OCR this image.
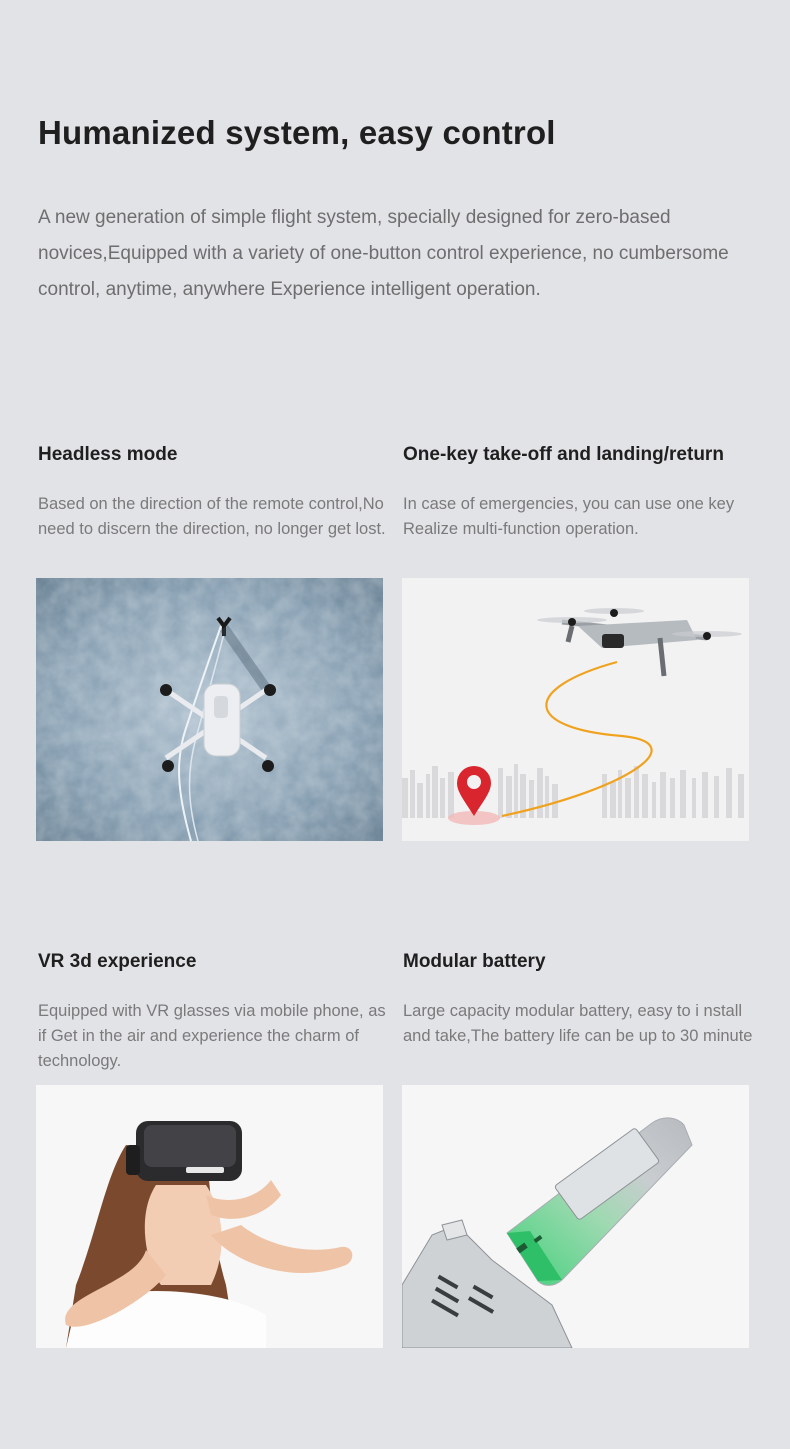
Humanized system, easy control

A new generation of simple flight system, specially designed for zero-based novices,Equipped with a variety of one-button control experience, no cumbersome control, anytime, anywhere Experience intelligent operation.

Headless mode

Based on the direction of the remote control,No need to discern the direction, no longer get lost.

One-key take-off and landing/return

In case of emergencies, you can use one key Realize multi-function operation.

VR 3d experience

Equipped with VR glasses via mobile phone, as if Get in the air and experience the charm of technology.

Modular battery

Large capacity modular battery, easy to i nstall and take,The battery life can be up to 30 minute
